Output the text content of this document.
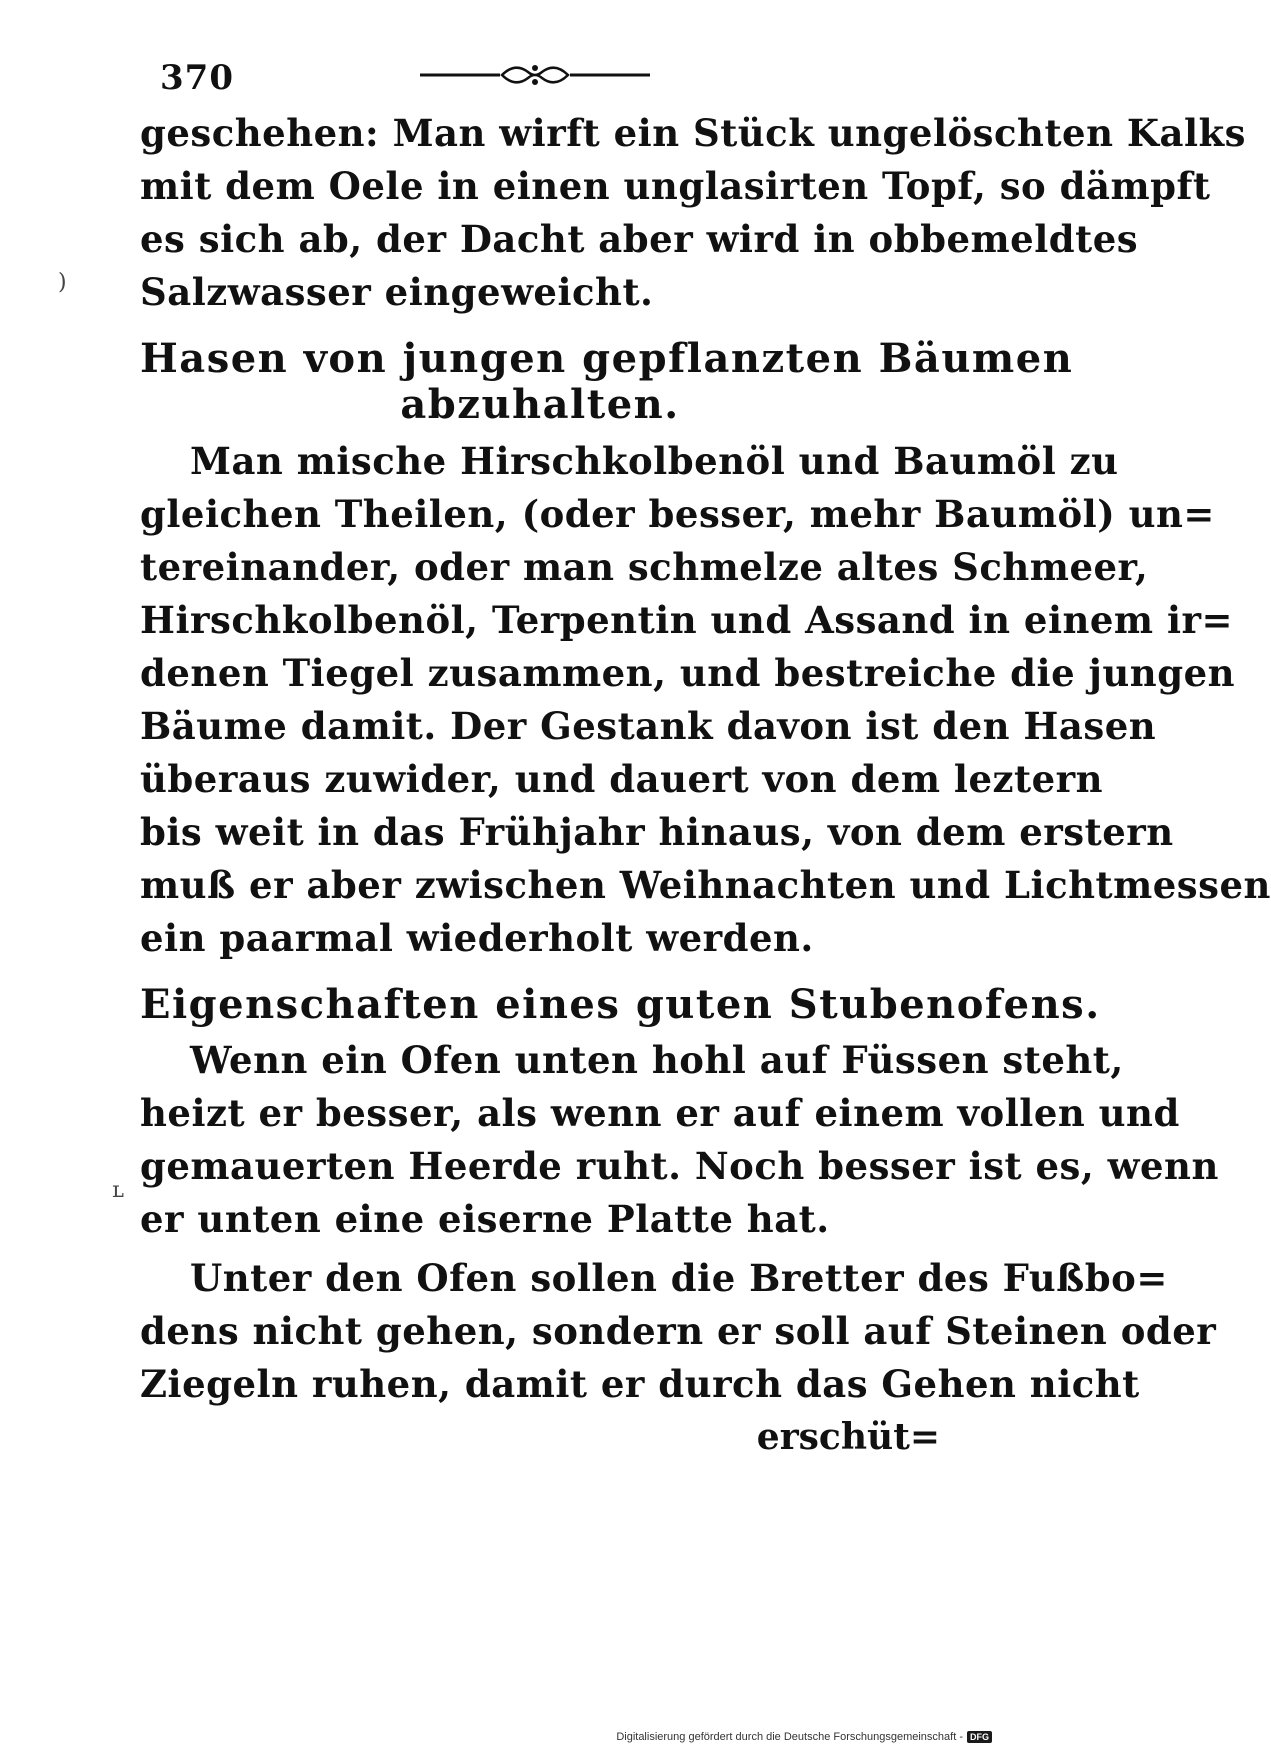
370
geschehen: Man wirft ein Stück ungelöschten Kalks
mit dem Oele in einen unglasirten Topf, so dämpft
es sich ab, der Dacht aber wird in obbemeldtes
Salzwasser eingeweicht.
Hasen von jungen gepflanzten Bäumen
abzuhalten.
Man mische Hirschkolbenöl und Baumöl zu
gleichen Theilen, (oder besser, mehr Baumöl) un=
tereinander, oder man schmelze altes Schmeer,
Hirschkolbenöl, Terpentin und Assand in einem ir=
denen Tiegel zusammen, und bestreiche die jungen
Bäume damit. Der Gestank davon ist den Hasen
überaus zuwider, und dauert von dem leztern
bis weit in das Frühjahr hinaus, von dem erstern
muß er aber zwischen Weihnachten und Lichtmessen
ein paarmal wiederholt werden.
Eigenschaften eines guten Stubenofens.
Wenn ein Ofen unten hohl auf Füssen steht,
heizt er besser, als wenn er auf einem vollen und
gemauerten Heerde ruht. Noch besser ist es, wenn
er unten eine eiserne Platte hat.
Unter den Ofen sollen die Bretter des Fußbo=
dens nicht gehen, sondern er soll auf Steinen oder
Ziegeln ruhen, damit er durch das Gehen nicht
erschüt=
)
ʟ
Digitalisierung gefördert durch die Deutsche Forschungsgemeinschaft - DFG
